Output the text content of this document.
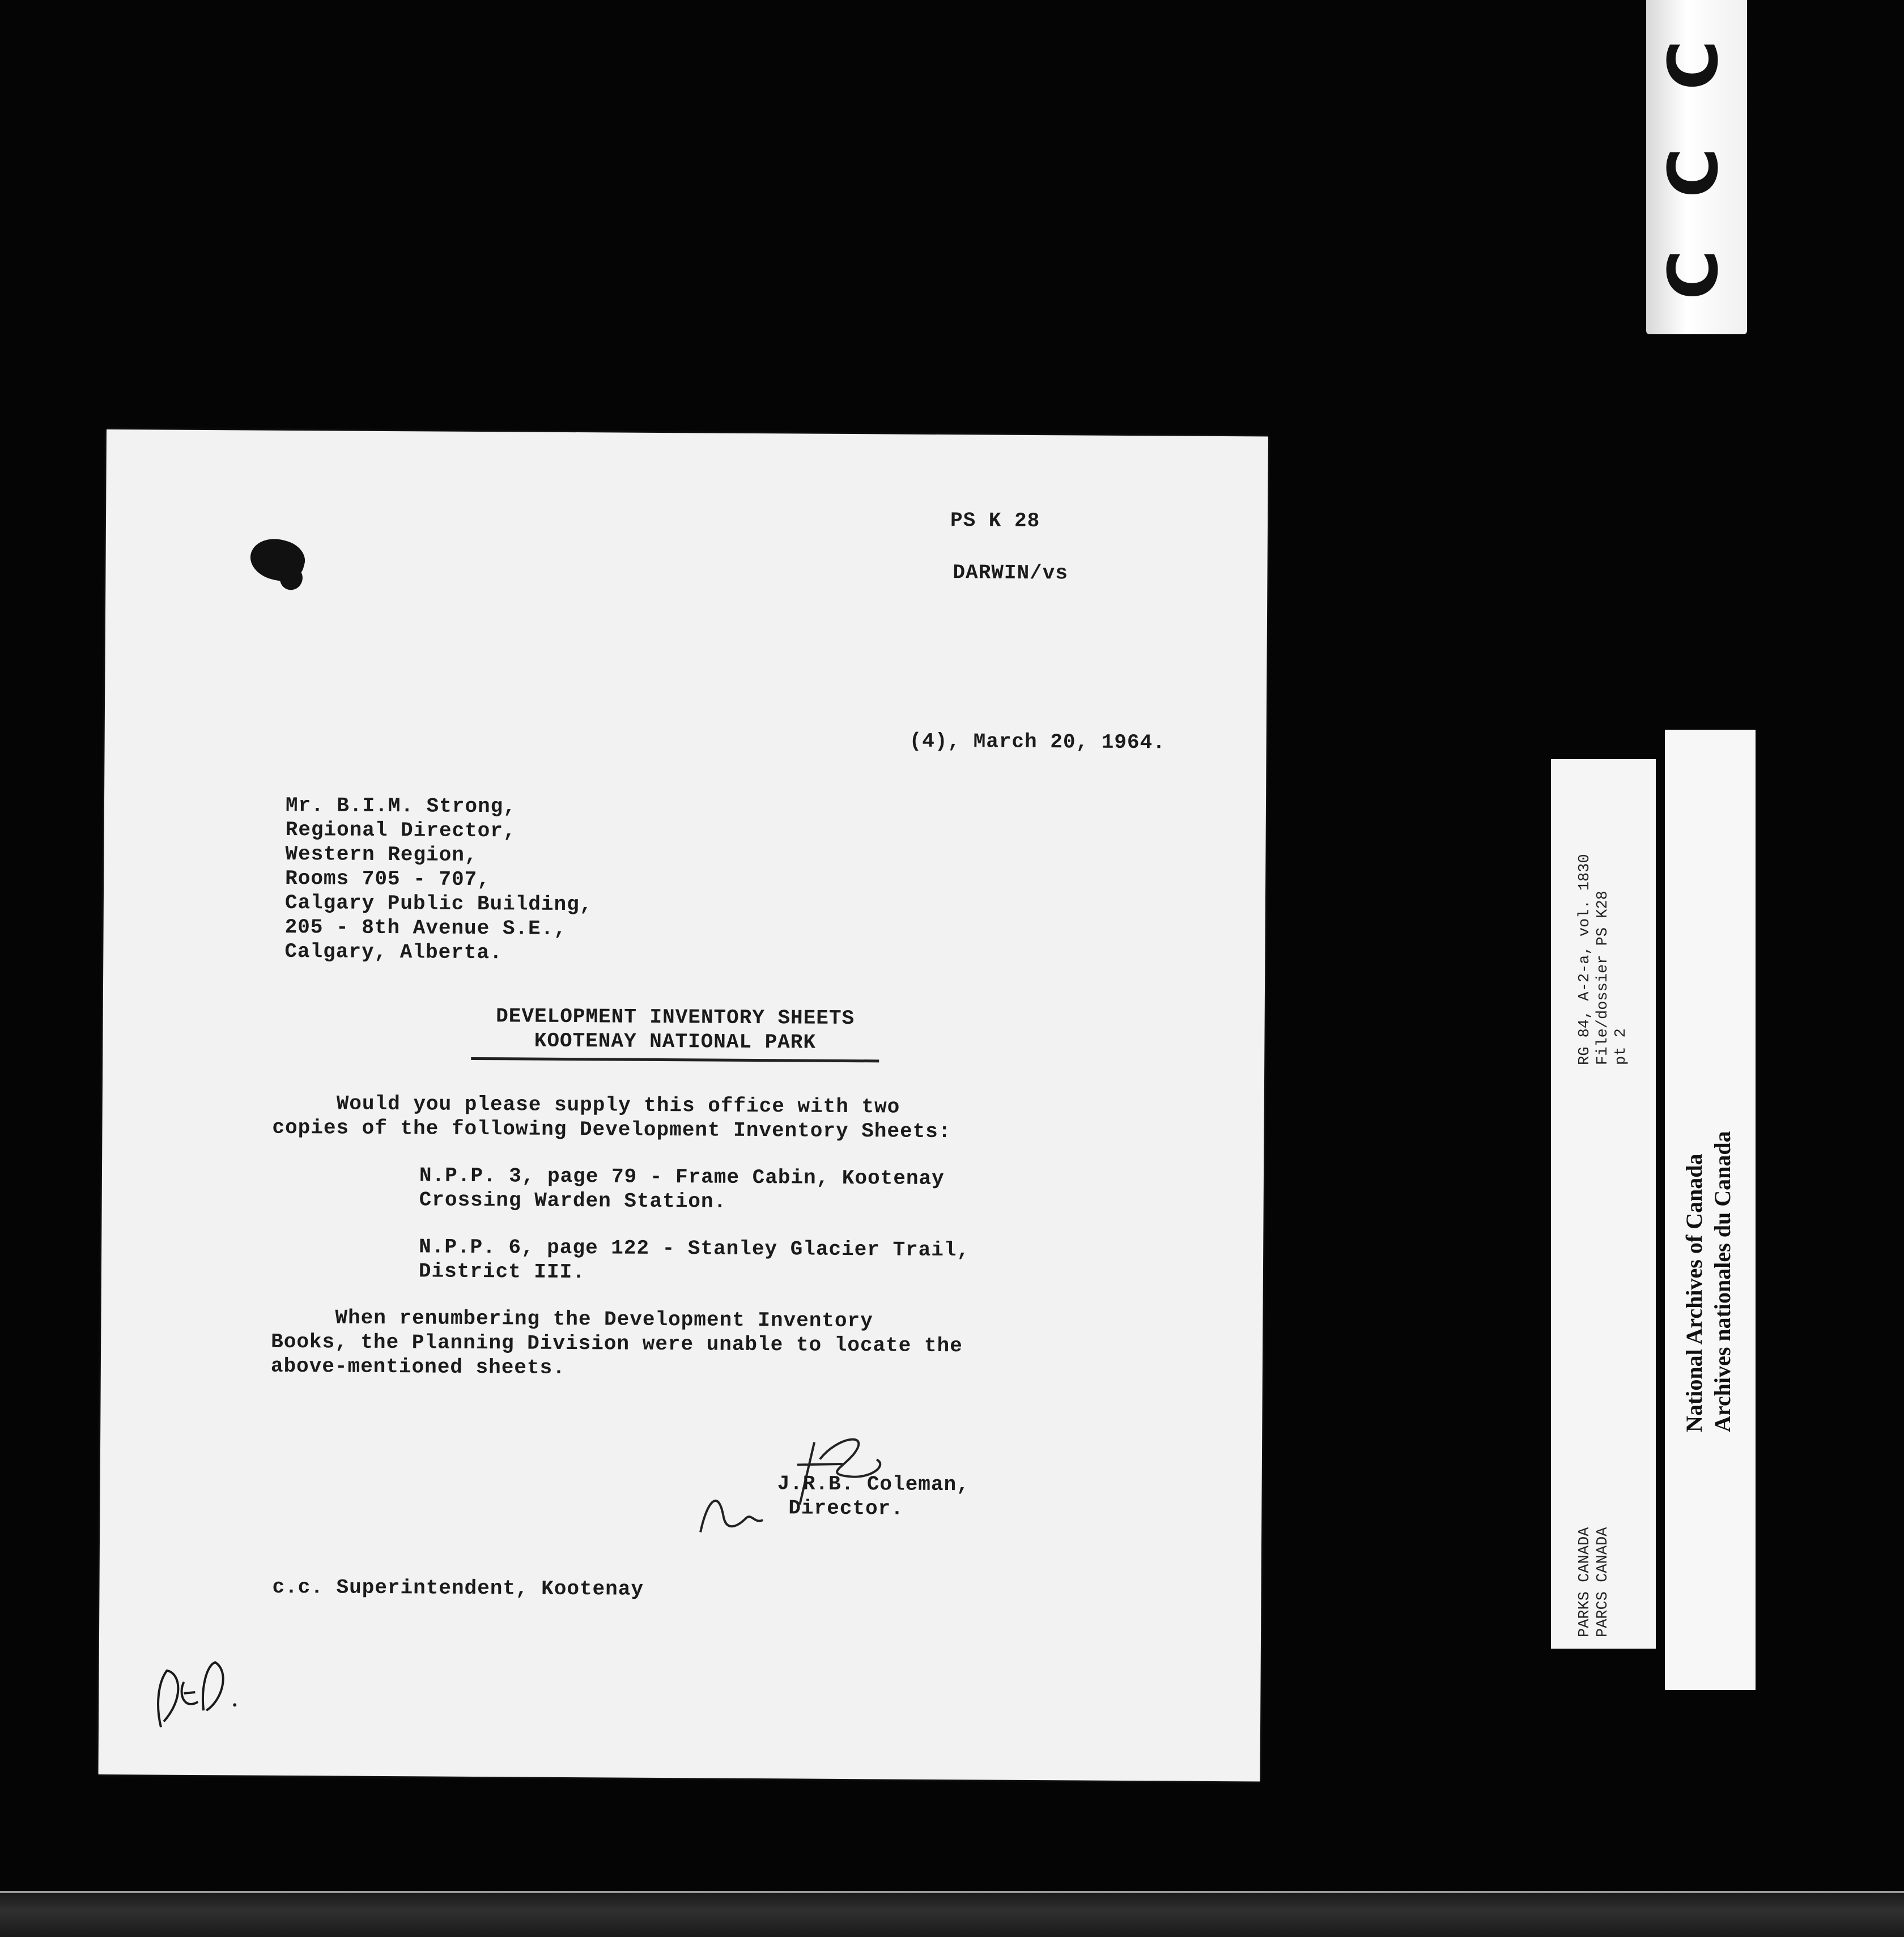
C
C
C
PS K 28
DARWIN/vs
(4), March 20, 1964.
Mr. B.I.M. Strong,
Regional Director,
Western Region,
Rooms 705 - 707,
Calgary Public Building,
205 - 8th Avenue S.E.,
Calgary, Alberta.
DEVELOPMENT INVENTORY SHEETS
KOOTENAY NATIONAL PARK
Would you please supply this office with two
copies of the following Development Inventory Sheets:
N.P.P. 3, page 79 - Frame Cabin, Kootenay
Crossing Warden Station.
N.P.P. 6, page 122 - Stanley Glacier Trail,
District III.
When renumbering the Development Inventory
Books, the Planning Division were unable to locate the
above-mentioned sheets.
J.R.B. Coleman,
Director.
c.c. Superintendent, Kootenay
RG 84, A-2-a, vol. 1830 File/dossier PS K28 pt 2
PARKS CANADA PARCS CANADA
National Archives of Canada Archives nationales du Canada
